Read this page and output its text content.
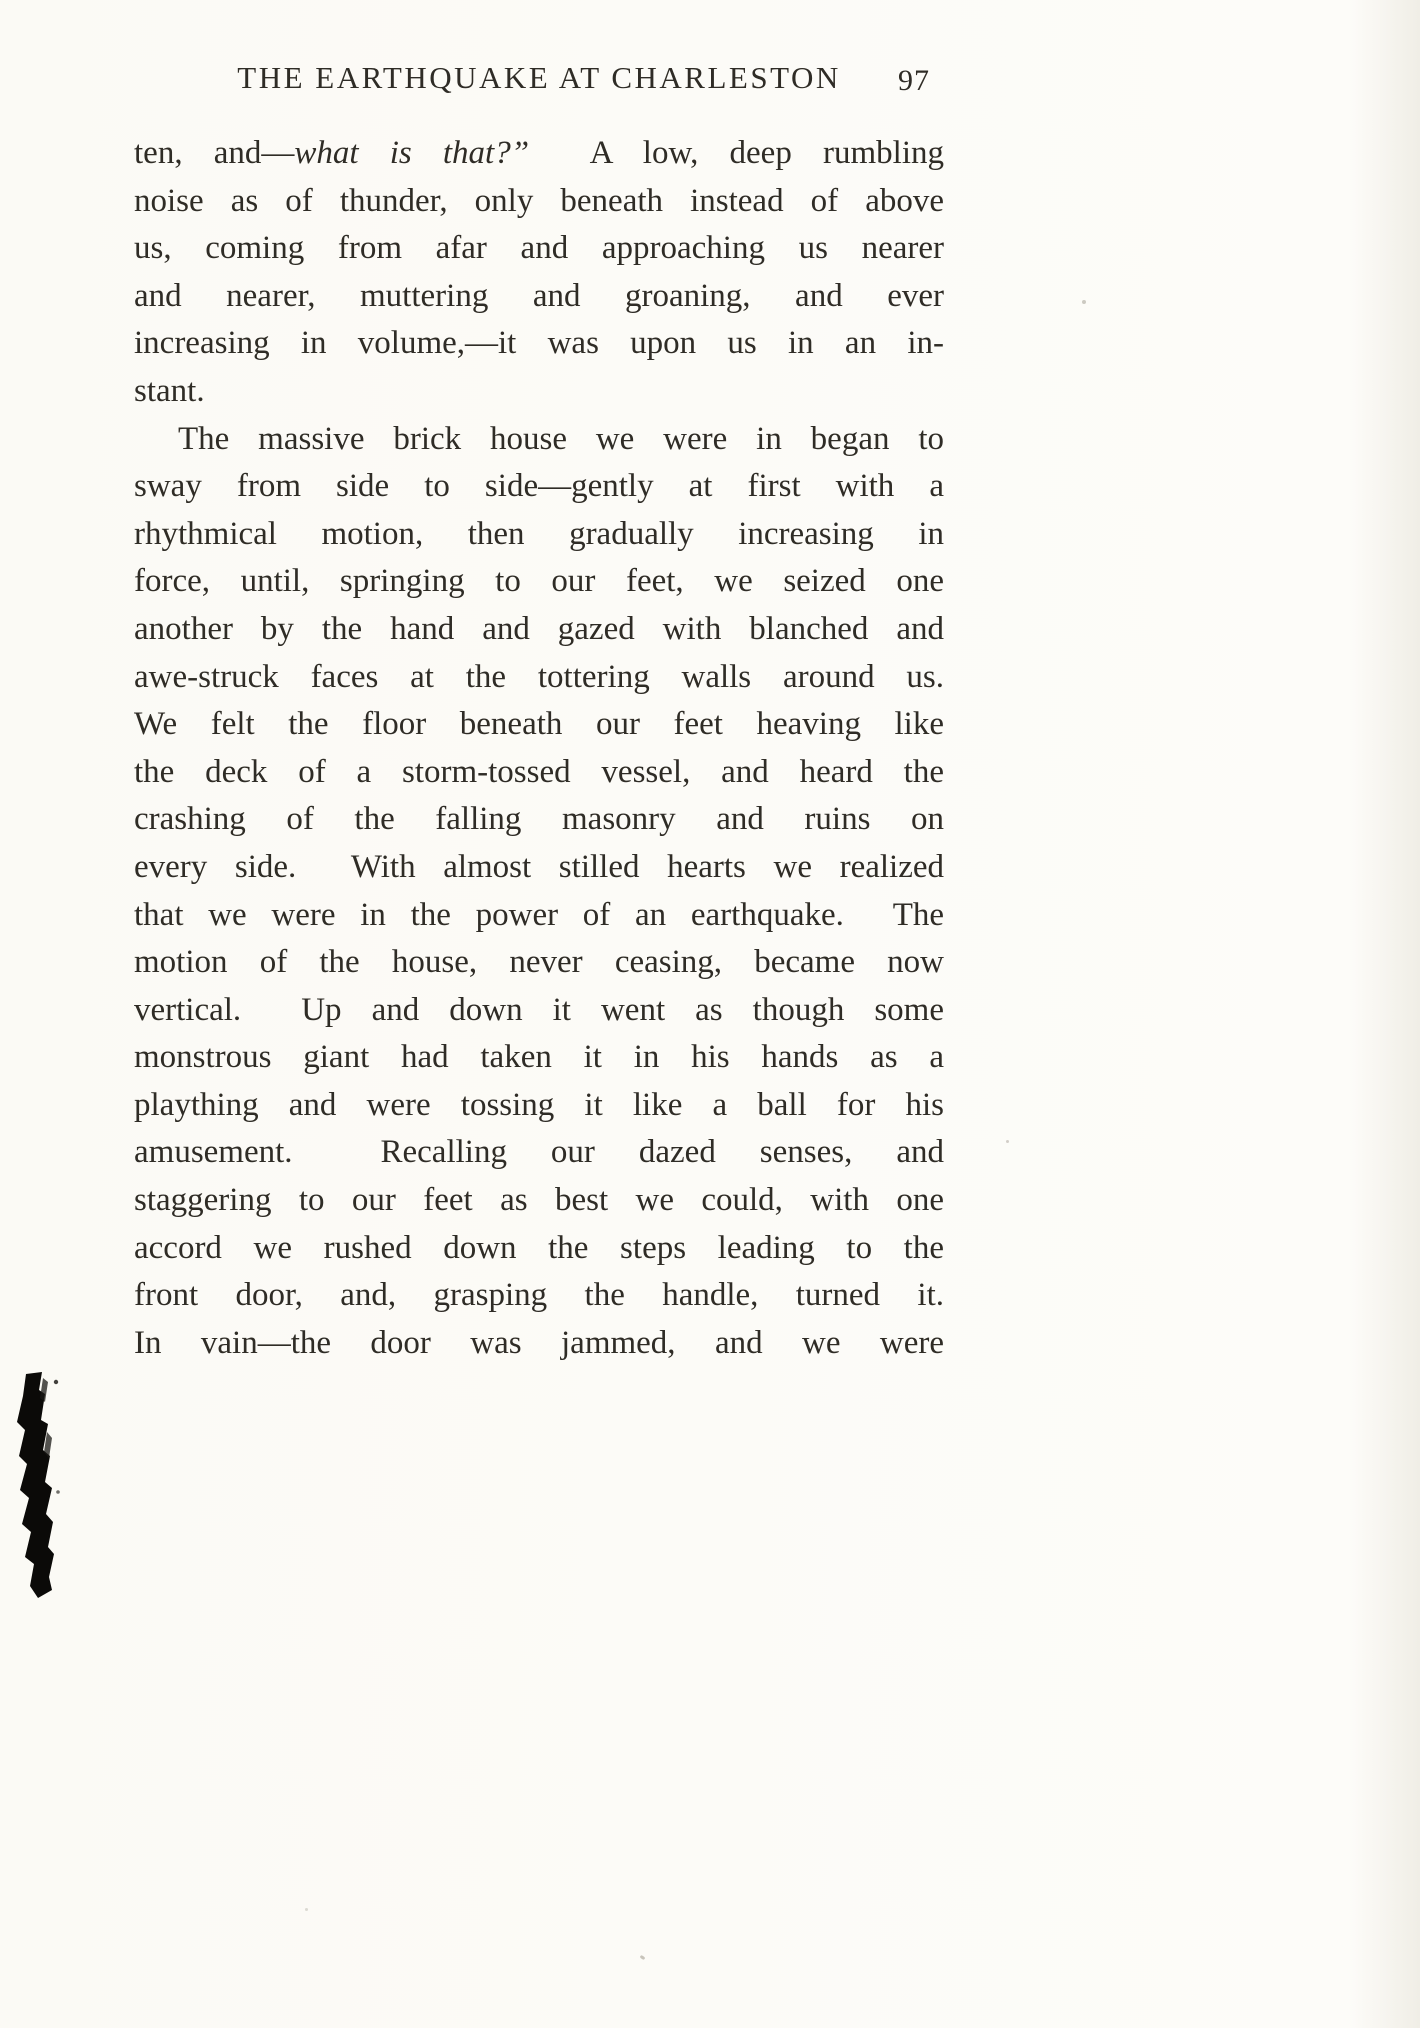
THE EARTHQUAKE AT CHARLESTON 97
ten, and—what is that?”  A low, deep rumbling
noise as of thunder, only beneath instead of above
us, coming from afar and approaching us nearer
and nearer, muttering and groaning, and ever
increasing in volume,—it was upon us in an in-
stant.
The massive brick house we were in began to
sway from side to side—gently at first with a
rhythmical motion, then gradually increasing in
force, until, springing to our feet, we seized one
another by the hand and gazed with blanched and
awe-struck faces at the tottering walls around us.
We felt the floor beneath our feet heaving like
the deck of a storm-tossed vessel, and heard the
crashing of the falling masonry and ruins on
every side.  With almost stilled hearts we realized
that we were in the power of an earthquake.  The
motion of the house, never ceasing, became now
vertical.  Up and down it went as though some
monstrous giant had taken it in his hands as a
plaything and were tossing it like a ball for his
amusement.  Recalling our dazed senses, and
staggering to our feet as best we could, with one
accord we rushed down the steps leading to the
front door, and, grasping the handle, turned it.
In vain—the door was jammed, and we were
